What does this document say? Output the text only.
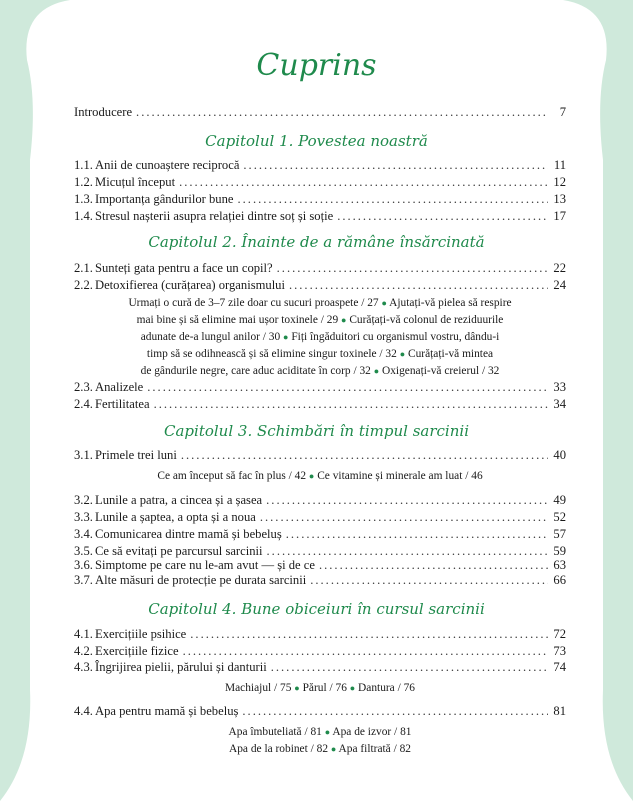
Cuprins
Introducere .....	7
Capitolul 1. Povestea noastră
1.1. Anii de cunoaștere reciprocă .....	11
1.2. Micuțul început .....	12
1.3. Importanța gândurilor bune .....	13
1.4. Stresul nașterii asupra relației dintre soț și soție .....	17
Capitolul 2. Înainte de a rămâne însărcinată
2.1. Sunteți gata pentru a face un copil? .....	22
2.2. Detoxifierea (curățarea) organismului .....	24
Urmați o cură de 3–7 zile doar cu sucuri proaspete / 27 ● Ajutați-vă pielea să respire
mai bine și să elimine mai ușor toxinele / 29 ● Curățați-vă colonul de reziduurile
adunate de-a lungul anilor / 30 ● Fiți îngăduitori cu organismul vostru, dându-i
timp să se odihnească și să elimine singur toxinele / 32 ● Curățați-vă mintea
de gândurile negre, care aduc aciditate în corp / 32 ● Oxigenați-vă creierul / 32
2.3. Analizele .....	33
2.4. Fertilitatea .....	34
Capitolul 3. Schimbări în timpul sarcinii
3.1. Primele trei luni .....	40
Ce am început să fac în plus / 42 ● Ce vitamine și minerale am luat / 46
3.2. Lunile a patra, a cincea și a șasea .....	49
3.3. Lunile a șaptea, a opta și a noua .....	52
3.4. Comunicarea dintre mamă și bebeluș .....	57
3.5. Ce să evitați pe parcursul sarcinii .....	59
3.6. Simptome pe care nu le-am avut — și de ce .....	63
3.7. Alte măsuri de protecție pe durata sarcinii .....	66
Capitolul 4. Bune obiceiuri în cursul sarcinii
4.1. Exercițiile psihice .....	72
4.2. Exercițiile fizice .....	73
4.3. Îngrijirea pielii, părului și danturii .....	74
Machiajul / 75 ● Părul / 76 ● Dantura / 76
4.4. Apa pentru mamă și bebeluș .....	81
Apa îmbuteliată / 81 ● Apa de izvor / 81
Apa de la robinet / 82 ● Apa filtrată / 82
